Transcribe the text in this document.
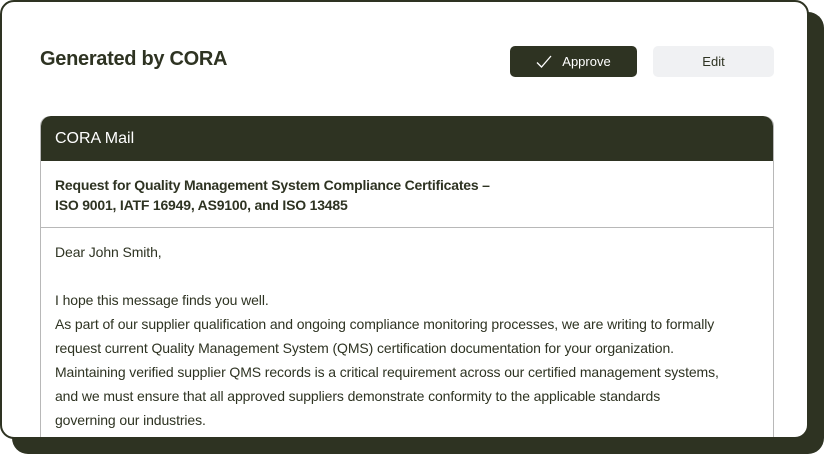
Generated by CORA	Approve	Edit
CORA Mail
Request for Quality Management System Compliance Certificates –
ISO 9001, IATF 16949, AS9100, and ISO 13485

Dear John Smith,

I hope this message finds you well.

As part of our supplier qualification and ongoing compliance monitoring processes, we are writing to formally

request current Quality Management System (QMS) certification documentation for your organization.

Maintaining verified supplier QMS records is a critical requirement across our certified management systems,

and we must ensure that all approved suppliers demonstrate conformity to the applicable standards

governing our industries.
